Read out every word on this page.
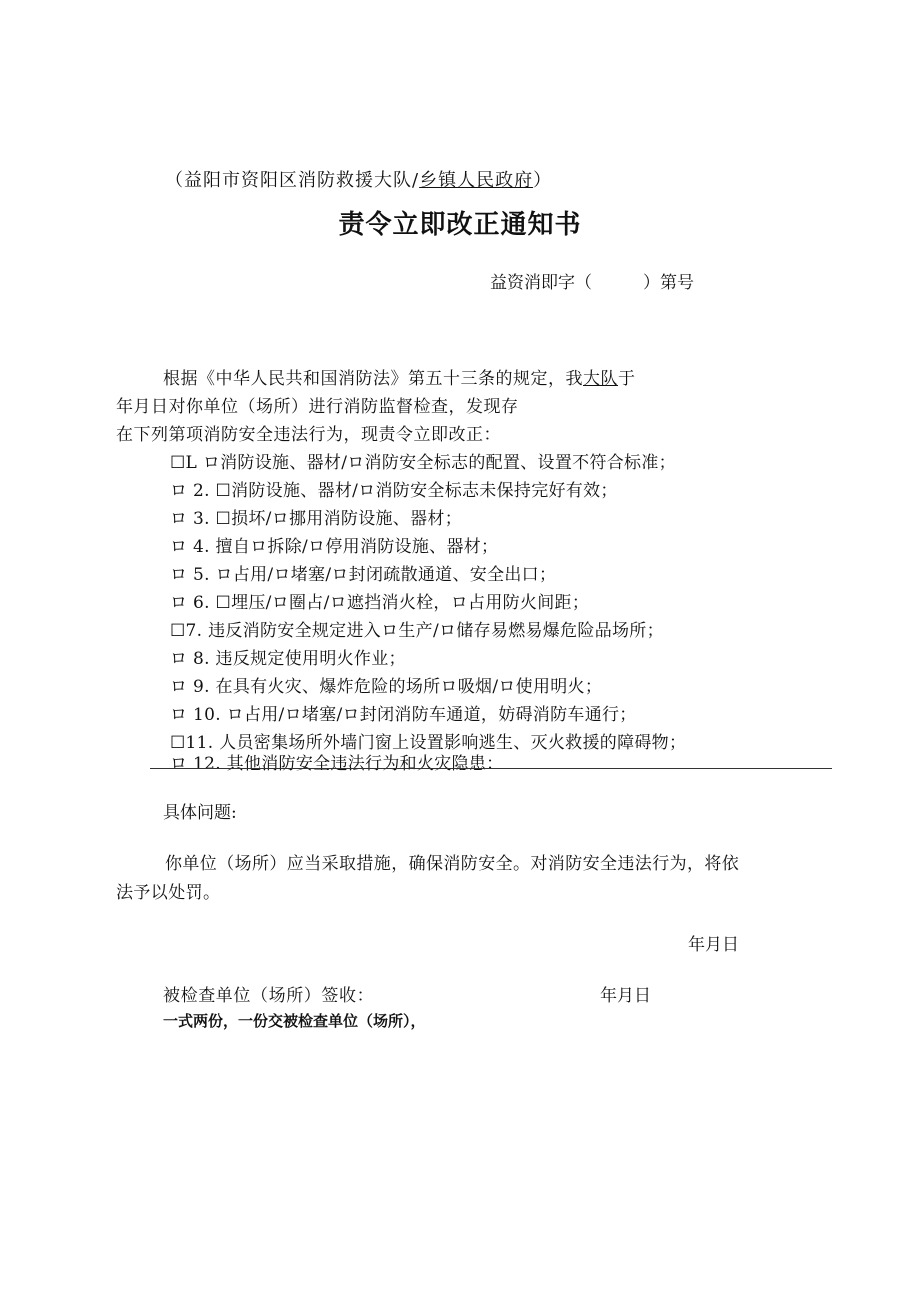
（益阳市资阳区消防救援大队/乡镇人民政府）
责令立即改正通知书
益资消即字（　　　）第号
根据《中华人民共和国消防法》第五十三条的规定，我大队于
年月日对你单位（场所）进行消防监督检查，发现存
在下列第项消防安全违法行为，现责令立即改正：
☐L ロ消防设施、器材/ロ消防安全标志的配置、设置不符合标准；
ロ 2. ☐消防设施、器材/ロ消防安全标志未保持完好有效；
ロ 3. ☐损坏/ロ挪用消防设施、器材；
ロ 4. 擅自ロ拆除/ロ停用消防设施、器材；
ロ 5. ロ占用/ロ堵塞/ロ封闭疏散通道、安全出口；
ロ 6. ☐埋压/ロ圈占/ロ遮挡消火栓，ロ占用防火间距；
☐7. 违反消防安全规定进入ロ生产/ロ储存易燃易爆危险品场所；
ロ 8. 违反规定使用明火作业；
ロ 9. 在具有火灾、爆炸危险的场所ロ吸烟/ロ使用明火；
ロ 10. ロ占用/ロ堵塞/ロ封闭消防车通道，妨碍消防车通行；
☐11. 人员密集场所外墙门窗上设置影响逃生、灭火救援的障碍物；
ロ 12. 其他消防安全违法行为和火灾隐患：
具体问题:
你单位（场所）应当采取措施，确保消防安全。对消防安全违法行为，将依
法予以处罚。
年月日
被检查单位（场所）签收：	年月日
一式两份，一份交被检查单位（场所），
